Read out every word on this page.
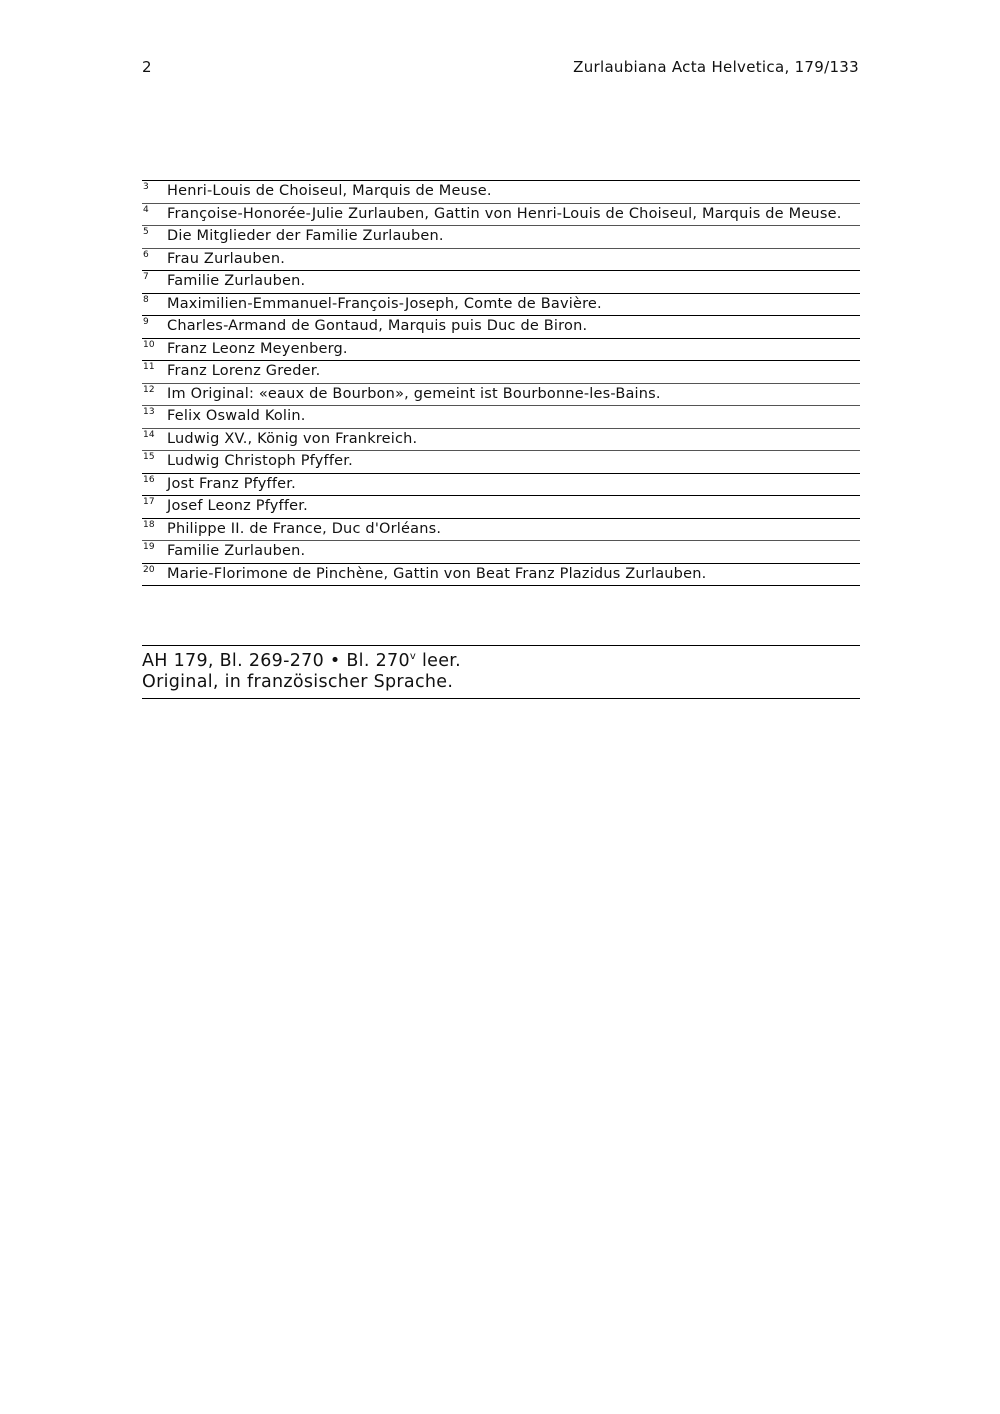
2	Zurlaubiana Acta Helvetica, 179/133
3	Henri-Louis de Choiseul, Marquis de Meuse.
4	Françoise-Honorée-Julie Zurlauben, Gattin von Henri-Louis de Choiseul, Marquis de Meuse.
5	Die Mitglieder der Familie Zurlauben.
6	Frau Zurlauben.
7	Familie Zurlauben.
8	Maximilien-Emmanuel-François-Joseph, Comte de Bavière.
9	Charles-Armand de Gontaud, Marquis puis Duc de Biron.
10 Franz Leonz Meyenberg.
11 Franz Lorenz Greder.
12 Im Original: «eaux de Bourbon», gemeint ist Bourbonne-les-Bains.
13 Felix Oswald Kolin.
14 Ludwig XV., König von Frankreich.
15 Ludwig Christoph Pfyffer.
16 Jost Franz Pfyffer.
17 Josef Leonz Pfyffer.
18 Philippe II. de France, Duc d'Orléans.
19 Familie Zurlauben.
20 Marie-Florimone de Pinchène, Gattin von Beat Franz Plazidus Zurlauben.
AH 179, Bl. 269-270 • Bl. 270$^v$ leer.
Original, in französischer Sprache.
